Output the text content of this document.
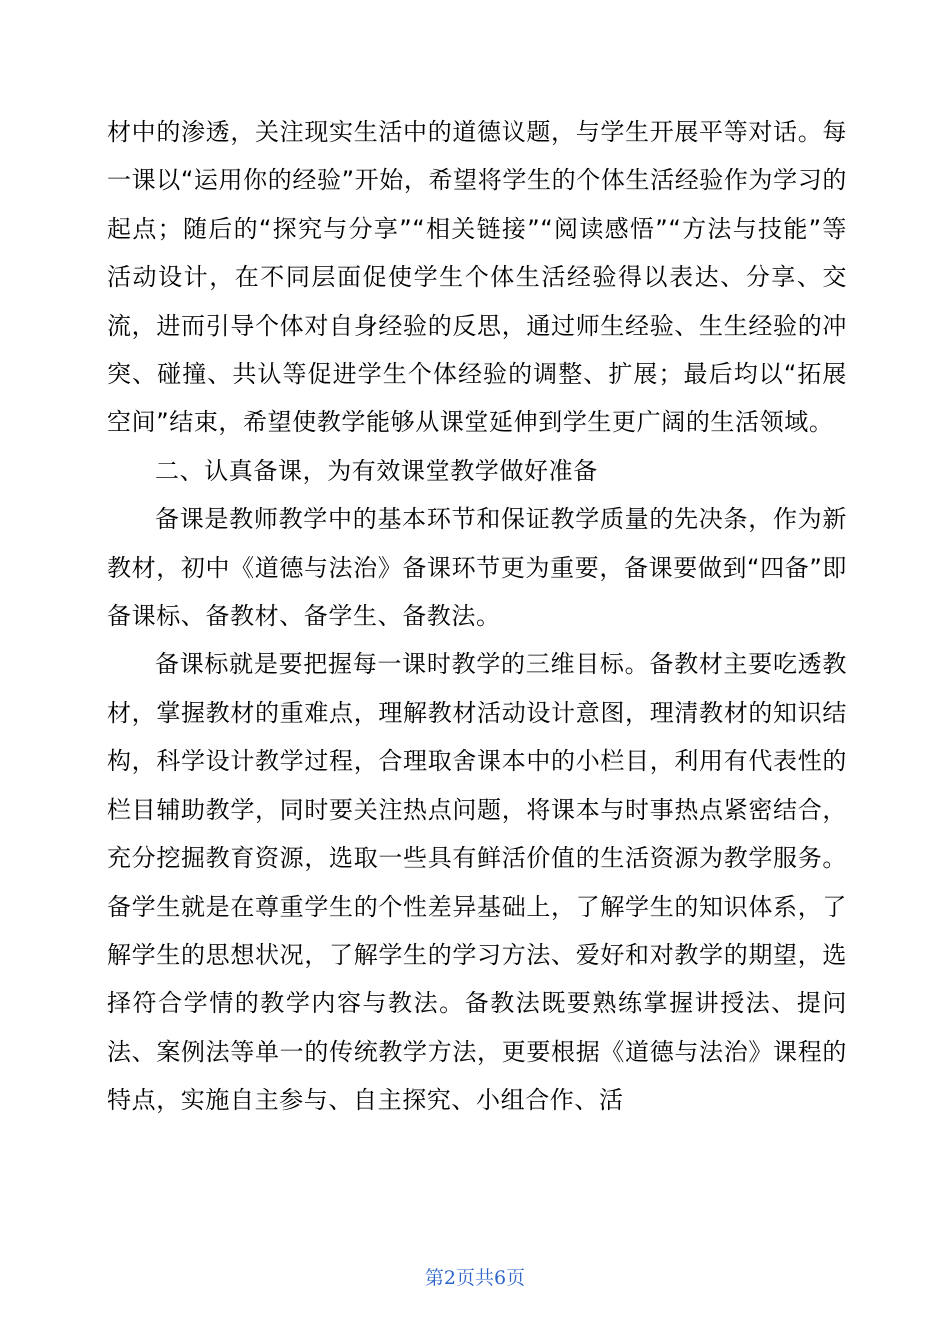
材中的渗透，关注现实生活中的道德议题，与学生开展平等对话。每一课以“运用你的经验”开始，希望将学生的个体生活经验作为学习的起点；随后的“探究与分享”“相关链接”“阅读感悟”“方法与技能”等活动设计，在不同层面促使学生个体生活经验得以表达、分享、交流，进而引导个体对自身经验的反思，通过师生经验、生生经验的冲突、碰撞、共认等促进学生个体经验的调整、扩展；最后均以“拓展空间”结束，希望使教学能够从课堂延伸到学生更广阔的生活领域。

二、认真备课，为有效课堂教学做好准备

备课是教师教学中的基本环节和保证教学质量的先决条，作为新教材，初中《道德与法治》备课环节更为重要，备课要做到“四备”即备课标、备教材、备学生、备教法。

备课标就是要把握每一课时教学的三维目标。备教材主要吃透教材，掌握教材的重难点，理解教材活动设计意图，理清教材的知识结构，科学设计教学过程，合理取舍课本中的小栏目，利用有代表性的栏目辅助教学，同时要关注热点问题，将课本与时事热点紧密结合，充分挖掘教育资源，选取一些具有鲜活价值的生活资源为教学服务。备学生就是在尊重学生的个性差异基础上，了解学生的知识体系，了解学生的思想状况，了解学生的学习方法、爱好和对教学的期望，选择符合学情的教学内容与教法。备教法既要熟练掌握讲授法、提问法、案例法等单一的传统教学方法，更要根据《道德与法治》课程的特点，实施自主参与、自主探究、小组合作、活

第2页共6页
